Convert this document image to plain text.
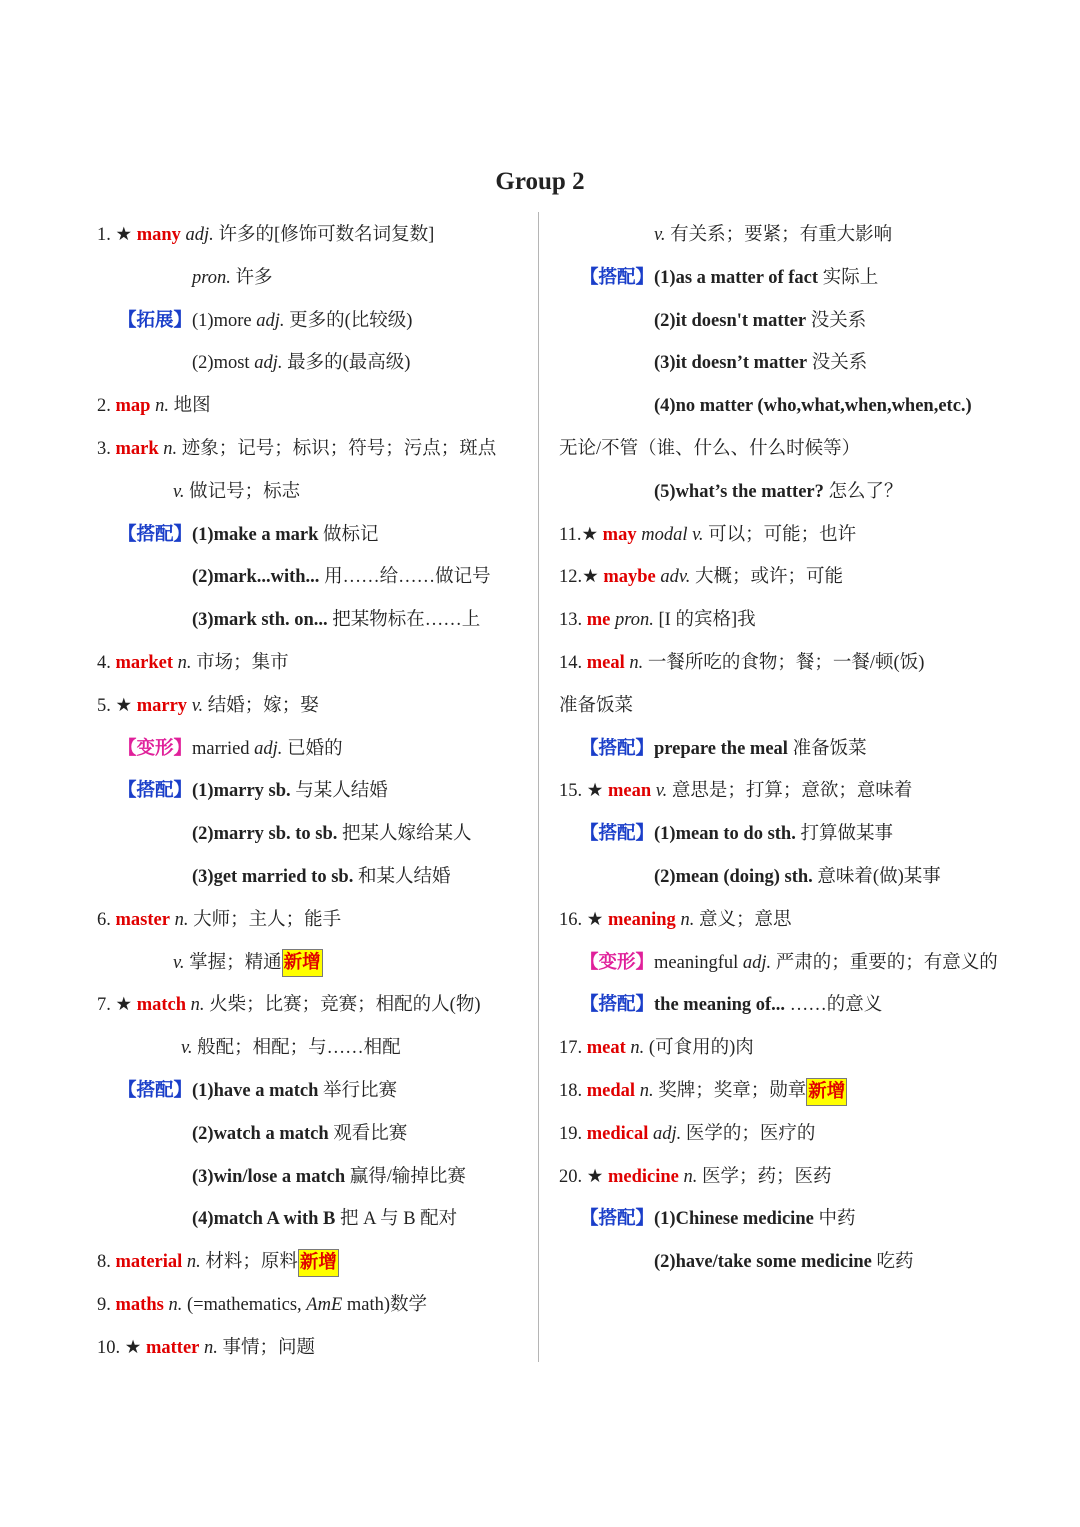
Group 2
1. ★ many adj. 许多的[修饰可数名词复数]
pron. 许多
【拓展】(1)more adj. 更多的(比较级)
(2)most adj. 最多的(最高级)
2. map n. 地图
3. mark n. 迹象；记号；标识；符号；污点；斑点
v. 做记号；标志
【搭配】(1)make a mark 做标记
(2)mark...with... 用……给……做记号
(3)mark sth. on... 把某物标在……上
4. market n. 市场；集市
5. ★ marry v. 结婚；嫁；娶
【变形】married adj. 已婚的
【搭配】(1)marry sb. 与某人结婚
(2)marry sb. to sb. 把某人嫁给某人
(3)get married to sb. 和某人结婚
6. master n. 大师；主人；能手
v. 掌握；精通 新增
7. ★ match n. 火柴；比赛；竞赛；相配的人(物)
v. 般配；相配；与……相配
【搭配】(1)have a match 举行比赛
(2)watch a match 观看比赛
(3)win/lose a match 赢得/输掉比赛
(4)match A with B 把 A 与 B 配对
8. material n. 材料；原料 新增
9. maths n. (=mathematics, AmE math)数学
10. ★ matter n. 事情；问题
v. 有关系；要紧；有重大影响
【搭配】(1)as a matter of fact 实际上
(2)it doesn't matter 没关系
(3)it doesn’t matter 没关系
(4)no matter (who,what,when,when,etc.)
无论/不管（谁、什么、什么时候等）
(5)what’s the matter? 怎么了？
11.★ may modal v. 可以；可能；也许
12.★ maybe adv. 大概；或许；可能
13. me pron. [I 的宾格]我
14. meal n. 一餐所吃的食物；餐；一餐/顿(饭)
准备饭菜
【搭配】prepare the meal 准备饭菜
15. ★ mean v. 意思是；打算；意欲；意味着
【搭配】(1)mean to do sth. 打算做某事
(2)mean (doing) sth. 意味着(做)某事
16. ★ meaning n. 意义；意思
【变形】meaningful adj. 严肃的；重要的；有意义的
【搭配】the meaning of... ……的意义
17. meat n. (可食用的)肉
18. medal n. 奖牌；奖章；勋章 新增
19. medical adj. 医学的；医疗的
20. ★ medicine n. 医学；药；医药
【搭配】(1)Chinese medicine 中药
(2)have/take some medicine 吃药
